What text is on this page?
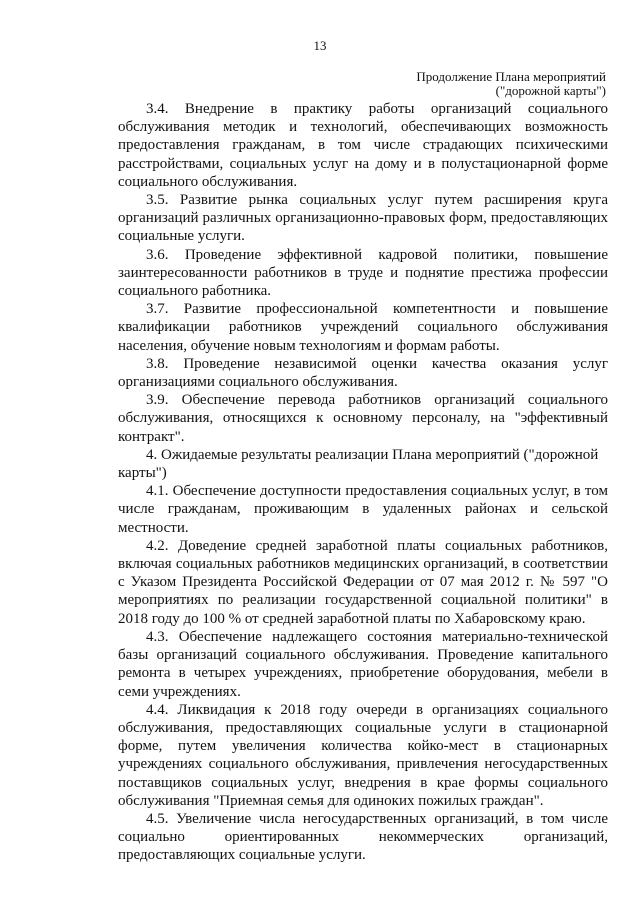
13
Продолжение Плана мероприятий
("дорожной карты")

3.4. Внедрение в практику работы организаций социального обслуживания методик и технологий, обеспечивающих возможность предоставления гражданам, в том числе страдающих психическими расстройствами, социальных услуг на дому и в полустационарной форме социального обслуживания.

3.5. Развитие рынка социальных услуг путем расширения круга организаций различных организационно-правовых форм, предоставляющих социальные услуги.

3.6. Проведение эффективной кадровой политики, повышение заинтересованности работников в труде и поднятие престижа профессии социального работника.

3.7. Развитие профессиональной компетентности и повышение квалификации работников учреждений социального обслуживания населения, обучение новым технологиям и формам работы.

3.8. Проведение независимой оценки качества оказания услуг организациями социального обслуживания.

3.9. Обеспечение перевода работников организаций социального обслуживания, относящихся к основному персоналу, на "эффективный контракт".

4. Ожидаемые результаты реализации Плана мероприятий ("дорожной карты")

4.1. Обеспечение доступности предоставления социальных услуг, в том числе гражданам, проживающим в удаленных районах и сельской местности.

4.2. Доведение средней заработной платы социальных работников, включая социальных работников медицинских организаций, в соответствии с Указом Президента Российской Федерации от 07 мая 2012 г. № 597 "О мероприятиях по реализации государственной социальной политики" в 2018 году до 100 % от средней заработной платы по Хабаровскому краю.

4.3. Обеспечение надлежащего состояния материально-технической базы организаций социального обслуживания. Проведение капитального ремонта в четырех учреждениях, приобретение оборудования, мебели в семи учреждениях.

4.4. Ликвидация к 2018 году очереди в организациях социального обслуживания, предоставляющих социальные услуги в стационарной форме, путем увеличения количества койко-мест в стационарных учреждениях социального обслуживания, привлечения негосударственных поставщиков социальных услуг, внедрения в крае формы социального обслуживания "Приемная семья для одиноких пожилых граждан".

4.5. Увеличение числа негосударственных организаций, в том числе социально ориентированных некоммерческих организаций, предоставляющих социальные услуги.
